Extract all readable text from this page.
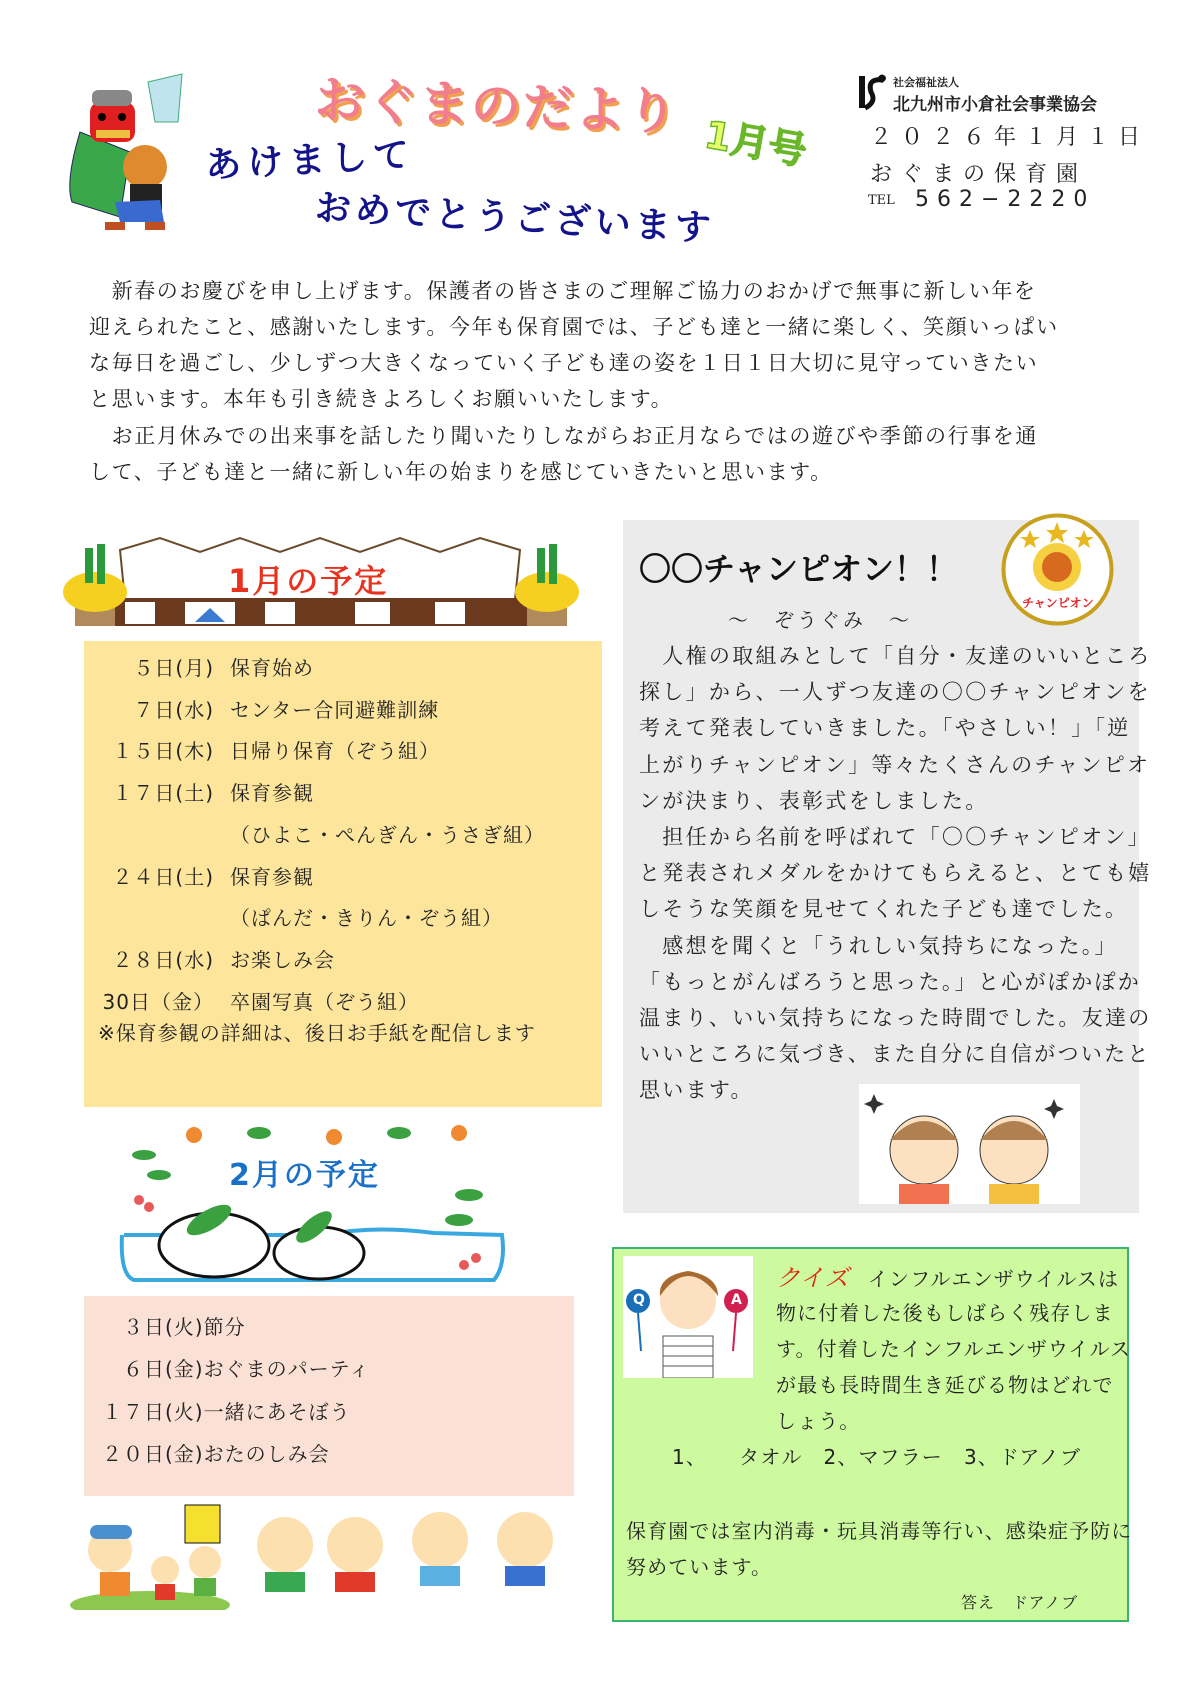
おぐまのだより
1月号
あけまして
おめでとうございます
社会福祉法人
北九州市小倉社会事業協会
２０２６年１月１日
おぐまの保育園
TEL 562−2220
　新春のお慶びを申し上げます。保護者の皆さまのご理解ご協力のおかげで無事に新しい年を
迎えられたこと、感謝いたします。今年も保育園では、子ども達と一緒に楽しく、笑顔いっぱい
な毎日を過ごし、少しずつ大きくなっていく子ども達の姿を１日１日大切に見守っていきたい
と思います。本年も引き続きよろしくお願いいたします。
　お正月休みでの出来事を話したり聞いたりしながらお正月ならではの遊びや季節の行事を通
して、子ども達と一緒に新しい年の始まりを感じていきたいと思います。
1月の予定
５日(月) 保育始め
７日(水) センター合同避難訓練
１５日(木) 日帰り保育（ぞう組）
１７日(土) 保育参観
（ひよこ・ぺんぎん・うさぎ組）
２４日(土) 保育参観
（ぱんだ・きりん・ぞう組）
２８日(水) お楽しみ会
30日（金） 卒園写真（ぞう組）
※保育参観の詳細は、後日お手紙を配信します
2月の予定
　３日(火)節分
　６日(金)おぐまのパーティ
１７日(火)一緒にあそぼう
２０日(金)おたのしみ会
〇〇チャンピオン！！
チャンピオン
～　ぞうぐみ　～
　人権の取組みとして「自分・友達のいいところ
探し」から、一人ずつ友達の〇〇チャンピオンを
考えて発表していきました。「やさしい！」「逆
上がりチャンピオン」等々たくさんのチャンピオ
ンが決まり、表彰式をしました。
　担任から名前を呼ばれて「〇〇チャンピオン」
と発表されメダルをかけてもらえると、とても嬉
しそうな笑顔を見せてくれた子ども達でした。
　感想を聞くと「うれしい気持ちになった。」
「もっとがんばろうと思った。」と心がぽかぽか
温まり、いい気持ちになった時間でした。友達の
いいところに気づき、また自分に自信がついたと
思います。
Q	A
クイズ インフルエンザウイルスは
物に付着した後もしばらく残存しま
す。付着したインフルエンザウイルス
が最も長時間生き延びる物はどれで
しょう。
1、　　タオル　2、マフラー　3、ドアノブ
保育園では室内消毒・玩具消毒等行い、感染症予防に
努めています。
答え　ドアノブ
